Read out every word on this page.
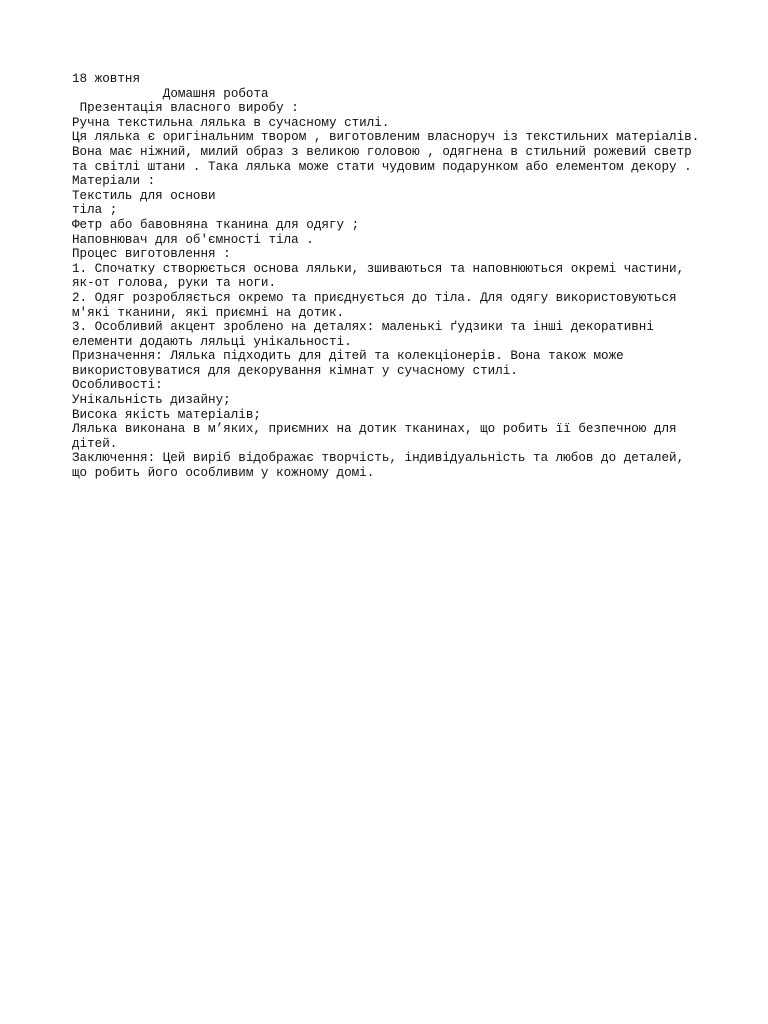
18 жовтня
Домашня робота
Презентація власного виробу :
Ручна текстильна лялька в сучасному стилі.
Ця лялька є оригінальним твором , виготовленим власноруч із текстильних матеріалів.
Вона має ніжний, милий образ з великою головою , одягнена в стильний рожевий светр
та світлі штани . Така лялька може стати чудовим подарунком або елементом декору .
Матеріали :
Текстиль для основи
тіла ;
Фетр або бавовняна тканина для одягу ;
Наповнювач для об'ємності тіла .
Процес виготовлення :
1. Спочатку створюється основа ляльки, зшиваються та наповнюються окремі частини,
як-от голова, руки та ноги.
2. Одяг розробляється окремо та приєднується до тіла. Для одягу використовуються
м'які тканини, які приємні на дотик.
3. Особливий акцент зроблено на деталях: маленькі ґудзики та інші декоративні
елементи додають ляльці унікальності.
Призначення: Лялька підходить для дітей та колекціонерів. Вона також може
використовуватися для декорування кімнат у сучасному стилі.
Особливості:
Унікальність дизайну;
Висока якість матеріалів;
Лялька виконана в м’яких, приємних на дотик тканинах, що робить її безпечною для
дітей.
Заключення: Цей виріб відображає творчість, індивідуальність та любов до деталей,
що робить його особливим у кожному домі.
